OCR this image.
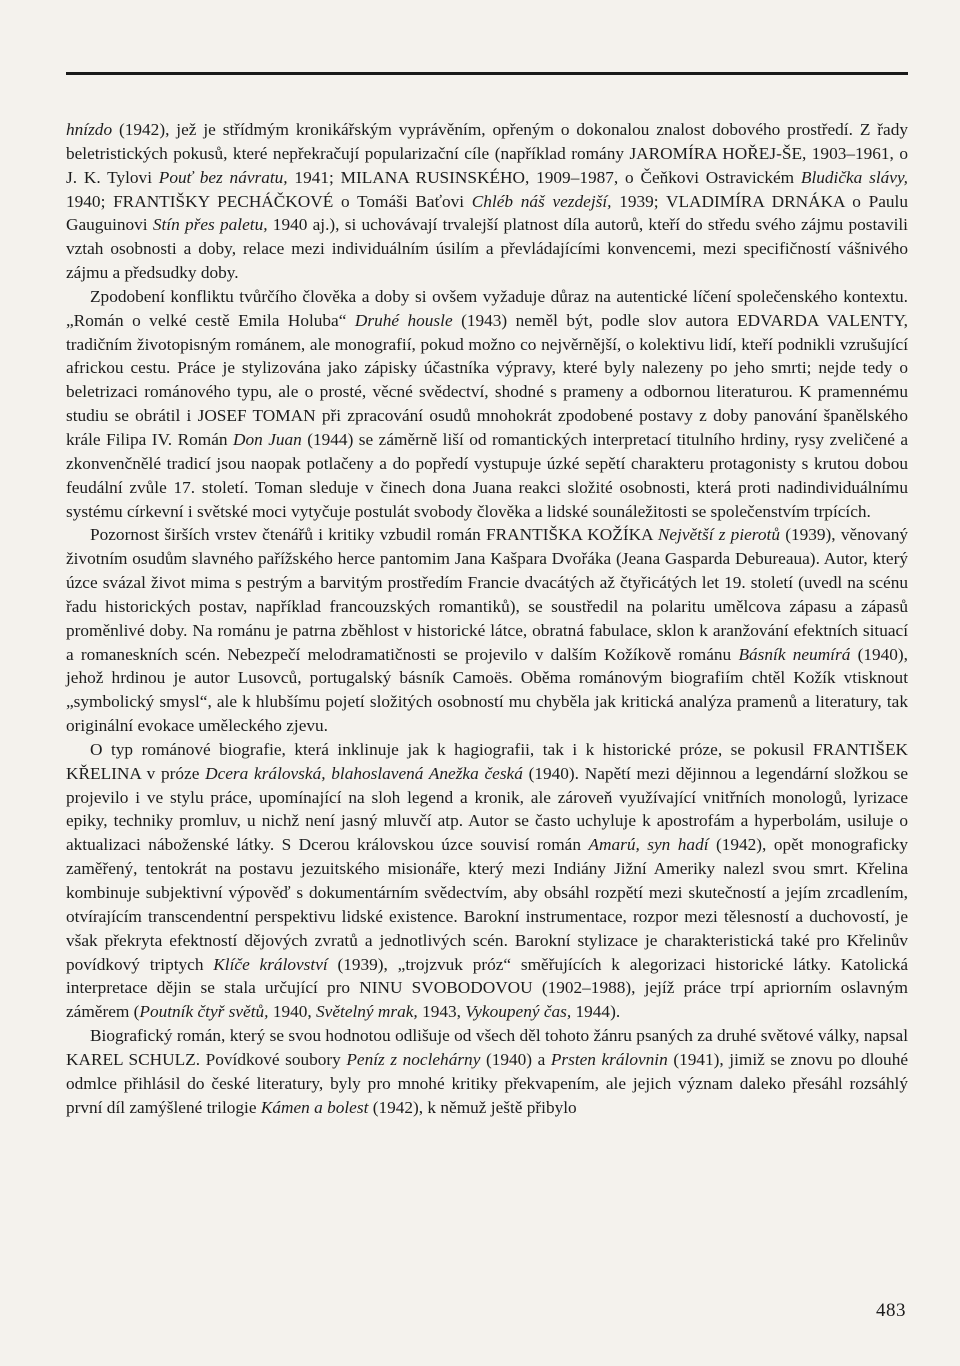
hnízdo (1942), jež je střídmým kronikářským vyprávěním, opřeným o dokonalou znalost dobového prostředí. Z řady beletristických pokusů, které nepřekračují popularizační cíle (například romány JAROMÍRA HOŘEJ-ŠE, 1903–1961, o J. K. Tylovi Pouť bez návratu, 1941; MILANA RUSINSKÉHO, 1909–1987, o Čeňkovi Ostravickém Bludička slávy, 1940; FRANTIŠKY PECHÁČKOVÉ o Tomáši Baťovi Chléb náš vezdejší, 1939; VLADIMÍRA DRNÁKA o Paulu Gauguinovi Stín přes paletu, 1940 aj.), si uchovávají trvalejší platnost díla autorů, kteří do středu svého zájmu postavili vztah osobnosti a doby, relace mezi individuálním úsilím a převládajícími konvencemi, mezi specifičností vášnivého zájmu a předsudky doby.

Zpodobení konfliktu tvůrčího člověka a doby si ovšem vyžaduje důraz na autentické líčení společenského kontextu. „Román o velké cestě Emila Holuba“ Druhé housle (1943) neměl být, podle slov autora EDVARDA VALENTY, tradičním životopisným románem, ale monografií, pokud možno co nejvěrnější, o kolektivu lidí, kteří podnikli vzrušující africkou cestu. Práce je stylizována jako zápisky účastníka výpravy, které byly nalezeny po jeho smrti; nejde tedy o beletrizaci románového typu, ale o prosté, věcné svědectví, shodné s prameny a odbornou literaturou. K pramennému studiu se obrátil i JOSEF TOMAN při zpracování osudů mnohokrát zpodobené postavy z doby panování španělského krále Filipa IV. Román Don Juan (1944) se záměrně liší od romantických interpretací titulního hrdiny, rysy zveličené a zkonvenčnělé tradicí jsou naopak potlačeny a do popředí vystupuje úzké sepětí charakteru protagonisty s krutou dobou feudální zvůle 17. století. Toman sleduje v činech dona Juana reakci složité osobnosti, která proti nadindividuálnímu systému církevní i světské moci vytyčuje postulát svobody člověka a lidské sounáležitosti se společenstvím trpících.

Pozornost širších vrstev čtenářů i kritiky vzbudil román FRANTIŠKA KOŽÍKA Největší z pierotů (1939), věnovaný životním osudům slavného pařížského herce pantomim Jana Kašpara Dvořáka (Jeana Gasparda Debureaua). Autor, který úzce svázal život mima s pestrým a barvitým prostředím Francie dvacátých až čtyřicátých let 19. století (uvedl na scénu řadu historických postav, například francouzských romantiků), se soustředil na polaritu umělcova zápasu a zápasů proměnlivé doby. Na románu je patrna zběhlost v historické látce, obratná fabulace, sklon k aranžování efektních situací a romaneskních scén. Nebezpečí melodramatičnosti se projevilo v dalším Kožíkově románu Básník neumírá (1940), jehož hrdinou je autor Lusovců, portugalský básník Camoës. Oběma románovým biografiím chtěl Kožík vtisknout „symbolický smysl“, ale k hlubšímu pojetí složitých osobností mu chyběla jak kritická analýza pramenů a literatury, tak originální evokace uměleckého zjevu.

O typ románové biografie, která inklinuje jak k hagiografii, tak i k historické próze, se pokusil FRANTIŠEK KŘELINA v próze Dcera královská, blahoslavená Anežka česká (1940). Napětí mezi dějinnou a legendární složkou se projevilo i ve stylu práce, upomínající na sloh legend a kronik, ale zároveň využívající vnitřních monologů, lyrizace epiky, techniky promluv, u nichž není jasný mluvčí atp. Autor se často uchyluje k apostrofám a hyperbolám, usiluje o aktualizaci náboženské látky. S Dcerou královskou úzce souvisí román Amarú, syn hadí (1942), opět monograficky zaměřený, tentokrát na postavu jezuitského misionáře, který mezi Indiány Jižní Ameriky nalezl svou smrt. Křelina kombinuje subjektivní výpověď s dokumentárním svědectvím, aby obsáhl rozpětí mezi skutečností a jejím zrcadlením, otvírajícím transcendentní perspektivu lidské existence. Barokní instrumentace, rozpor mezi tělesností a duchovostí, je však překryta efektností dějových zvratů a jednotlivých scén. Barokní stylizace je charakteristická také pro Křelinův povídkový triptych Klíče království (1939), „trojzvuk próz“ směřujících k alegorizaci historické látky. Katolická interpretace dějin se stala určující pro NINU SVOBODOVOU (1902–1988), jejíž práce trpí apriorním oslavným záměrem (Poutník čtyř světů, 1940, Světelný mrak, 1943, Vykoupený čas, 1944).

Biografický román, který se svou hodnotou odlišuje od všech děl tohoto žánru psaných za druhé světové války, napsal KAREL SCHULZ. Povídkové soubory Peníz z noclehárny (1940) a Prsten královnin (1941), jimiž se znovu po dlouhé odmlce přihlásil do české literatury, byly pro mnohé kritiky překvapením, ale jejich význam daleko přesáhl rozsáhlý první díl zamýšlené trilogie Kámen a bolest (1942), k němuž ještě přibylo

483
